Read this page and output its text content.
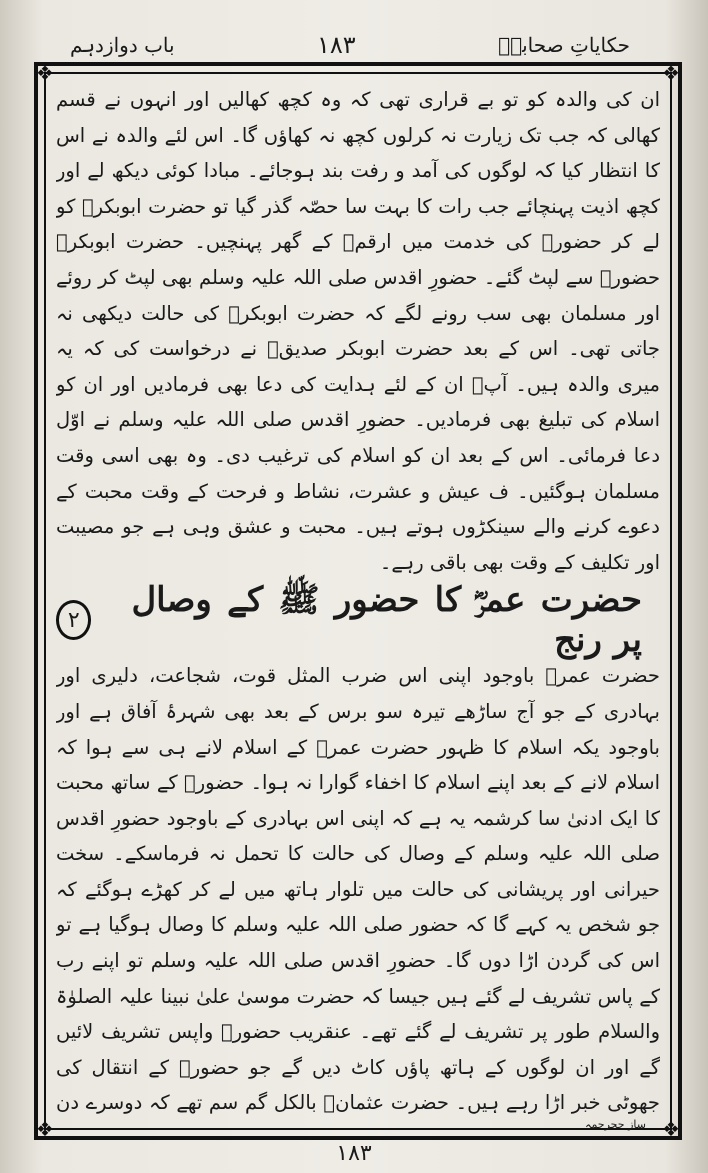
حکایاتِ صحابہؓ
۱۸۳
باب دوازدہم
❖	❖
❖	❖

ان کی والدہ کو تو بے قراری تھی کہ وہ کچھ کھالیں اور انہوں نے قسم کھالی کہ جب تک زیارت نہ کرلوں کچھ نہ کھاؤں گا۔ اس لئے والدہ نے اس کا انتظار کیا کہ لوگوں کی آمد و رفت بند ہوجائے۔ مبادا کوئی دیکھ لے اور کچھ اذیت پہنچائے جب رات کا بہت سا حصّہ گذر گیا تو حضرت ابوبکرؓ کو لے کر حضورؐ کی خدمت میں ارقمؓ کے گھر پہنچیں۔ حضرت ابوبکرؓ حضورؐ سے لپٹ گئے۔ حضورِ اقدس صلی اللہ علیہ وسلم بھی لپٹ کر روئے اور مسلمان بھی سب رونے لگے کہ حضرت ابوبکرؓ کی حالت دیکھی نہ جاتی تھی۔ اس کے بعد حضرت ابوبکر صدیقؓ نے درخواست کی کہ یہ میری والدہ ہیں۔ آپؐ ان کے لئے ہدایت کی دعا بھی فرمادیں اور ان کو اسلام کی تبلیغ بھی فرمادیں۔ حضورِ اقدس صلی اللہ علیہ وسلم نے اوّل دعا فرمائی۔ اس کے بعد ان کو اسلام کی ترغیب دی۔ وہ بھی اسی وقت مسلمان ہوگئیں۔ ف عیش و عشرت، نشاط و فرحت کے وقت محبت کے دعوے کرنے والے سینکڑوں ہوتے ہیں۔ محبت و عشق وہی ہے جو مصیبت اور تکلیف کے وقت بھی باقی رہے۔

حضرت عمرؓ کا حضور ﷺ کے وصال پر رنج
۲

حضرت عمرؓ باوجود اپنی اس ضرب المثل قوت، شجاعت، دلیری اور بہادری کے جو آج ساڑھے تیرہ سو برس کے بعد بھی شہرۂ آفاق ہے اور باوجود یکہ اسلام کا ظہور حضرت عمرؓ کے اسلام لانے ہی سے ہوا کہ اسلام لانے کے بعد اپنے اسلام کا اخفاء گوارا نہ ہوا۔ حضورؐ کے ساتھ محبت کا ایک ادنیٰ سا کرشمہ یہ ہے کہ اپنی اس بہادری کے باوجود حضورِ اقدس صلی اللہ علیہ وسلم کے وصال کی حالت کا تحمل نہ فرماسکے۔ سخت حیرانی اور پریشانی کی حالت میں تلوار ہاتھ میں لے کر کھڑے ہوگئے کہ جو شخص یہ کہے گا کہ حضور صلی اللہ علیہ وسلم کا وصال ہوگیا ہے تو اس کی گردن اڑا دوں گا۔ حضورِ اقدس صلی اللہ علیہ وسلم تو اپنے رب کے پاس تشریف لے گئے ہیں جیسا کہ حضرت موسیٰ علیٰ نبینا علیہ الصلوٰۃ والسلام طور پر تشریف لے گئے تھے۔ عنقریب حضورؐ واپس تشریف لائیں گے اور ان لوگوں کے ہاتھ پاؤں کاٹ دیں گے جو حضورؐ کے انتقال کی جھوٹی خبر اڑا رہے ہیں۔ حضرت عثمانؓ بالکل گم سم تھے کہ دوسرے دن

ساز ححرحمہ
۱۸۳
